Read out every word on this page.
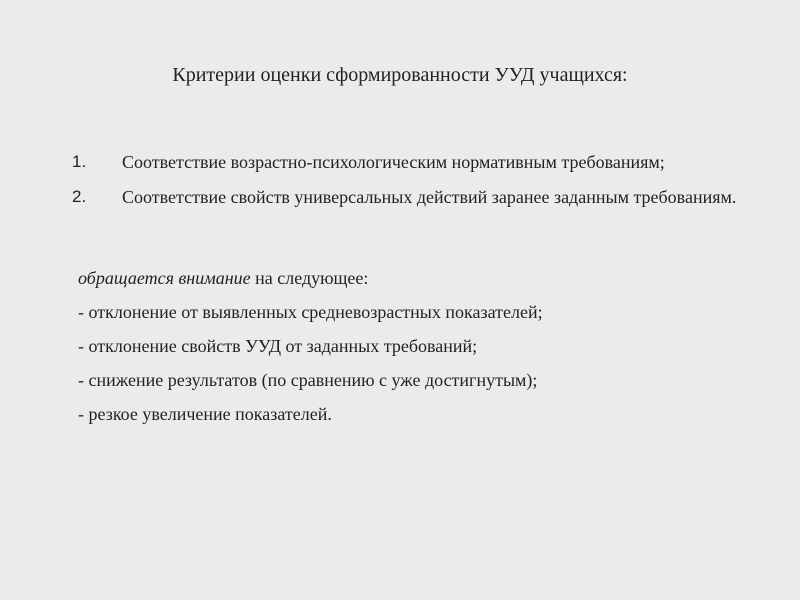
Критерии оценки сформированности УУД учащихся:
1. Соответствие возрастно-психологическим нормативным требованиям;
2. Соответствие свойств универсальных действий заранее заданным требованиям.
обращается внимание на следующее:
- отклонение от выявленных средневозрастных показателей;
- отклонение свойств УУД от заданных требований;
- снижение результатов (по сравнению с уже достигнутым);
- резкое увеличение показателей.
